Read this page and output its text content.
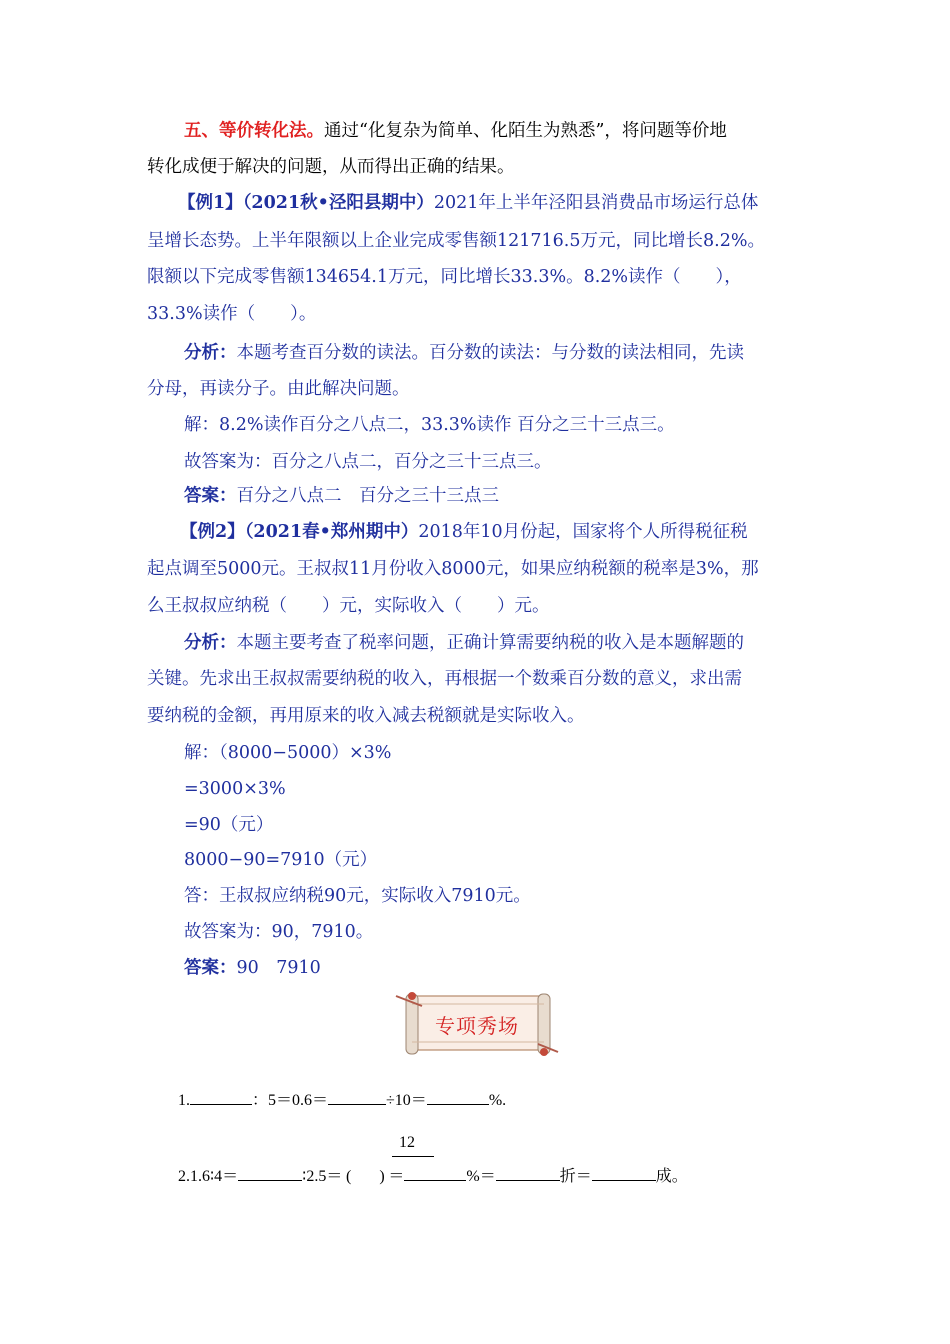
五、等价转化法。通过“化复杂为简单、化陌生为熟悉”，将问题等价地
转化成便于解决的问题，从而得出正确的结果。
【例1】（2021秋•泾阳县期中）2021年上半年泾阳县消费品市场运行总体
呈增长态势。上半年限额以上企业完成零售额121716.5万元，同比增长8.2%。
限额以下完成零售额134654.1万元，同比增长33.3%。8.2%读作（　　），
33.3%读作（　　）。
分析：本题考查百分数的读法。百分数的读法：与分数的读法相同，先读
分母，再读分子。由此解决问题。
解：8.2%读作百分之八点二，33.3%读作 百分之三十三点三。
故答案为：百分之八点二，百分之三十三点三。
答案：百分之八点二　百分之三十三点三
【例2】（2021春•郑州期中）2018年10月份起，国家将个人所得税征税
起点调至5000元。王叔叔11月份收入8000元，如果应纳税额的税率是3%，那
么王叔叔应纳税（　　）元，实际收入（　　）元。
分析：本题主要考查了税率问题，正确计算需要纳税的收入是本题解题的
关键。先求出王叔叔需要纳税的收入，再根据一个数乘百分数的意义，求出需
要纳税的金额，再用原来的收入减去税额就是实际收入。
解：（8000−5000）×3%
=3000×3%
=90（元）
8000−90=7910（元）
答：王叔叔应纳税90元，实际收入7910元。
故答案为：90，7910。
答案：90　7910
专项秀场
1.	：5＝0.6＝	÷10＝	%.
12
2.1.6∶4＝	∶2.5＝ ( ) ＝	%＝	折＝	成。
